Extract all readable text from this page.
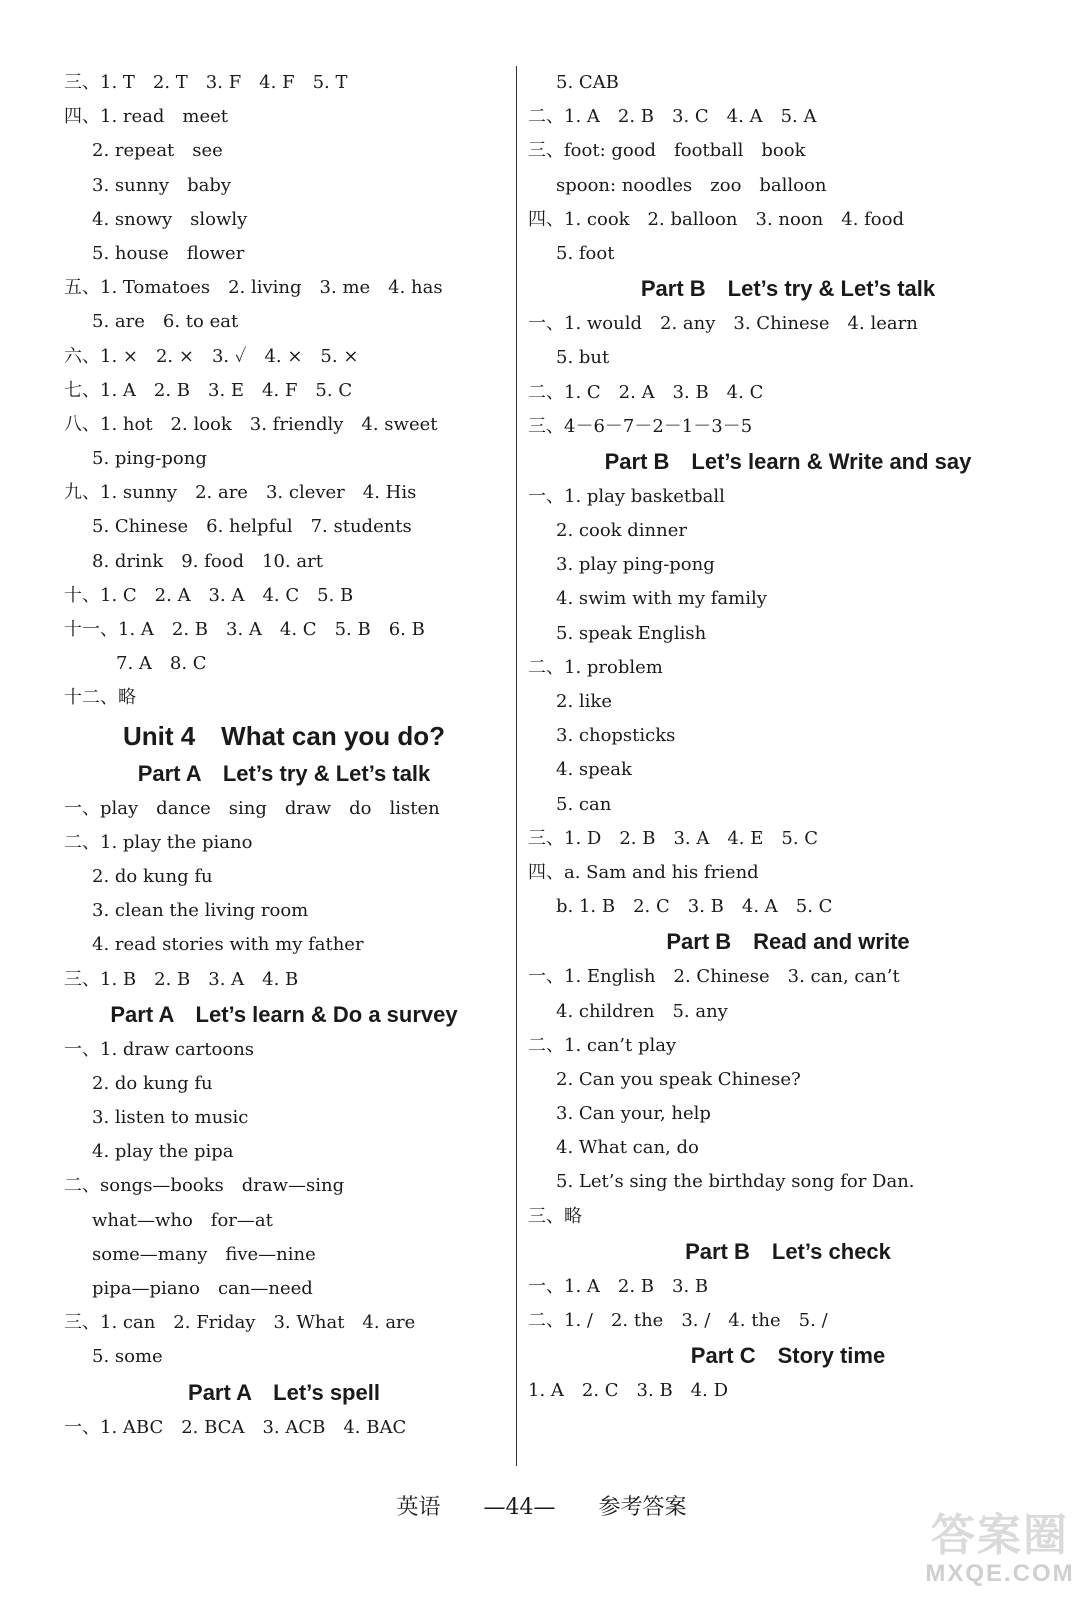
三、1. T　2. T　3. F　4. F　5. T
四、1. read　meet
2. repeat　see
3. sunny　baby
4. snowy　slowly
5. house　flower
五、1. Tomatoes　2. living　3. me　4. has
5. are　6. to eat
六、1. ×　2. ×　3. ✓　4. ×　5. ×
七、1. A　2. B　3. E　4. F　5. C
八、1. hot　2. look　3. friendly　4. sweet
5. ping-pong
九、1. sunny　2. are　3. clever　4. His
5. Chinese　6. helpful　7. students
8. drink　9. food　10. art
十、1. C　2. A　3. A　4. C　5. B
十一、1. A　2. B　3. A　4. C　5. B　6. B
7. A　8. C
十二、略
Unit 4　What can you do?
Part A　Let’s try & Let’s talk
一、play　dance　sing　draw　do　listen
二、1. play the piano
2. do kung fu
3. clean the living room
4. read stories with my father
三、1. B　2. B　3. A　4. B
Part A　Let’s learn & Do a survey
一、1. draw cartoons
2. do kung fu
3. listen to music
4. play the pipa
二、songs—books　draw—sing
what—who　for—at
some—many　five—nine
pipa—piano　can—need
三、1. can　2. Friday　3. What　4. are
5. some
Part A　Let’s spell
一、1. ABC　2. BCA　3. ACB　4. BAC
5. CAB
二、1. A　2. B　3. C　4. A　5. A
三、foot: good　football　book
spoon: noodles　zoo　balloon
四、1. cook　2. balloon　3. noon　4. food
5. foot
Part B　Let’s try & Let’s talk
一、1. would　2. any　3. Chinese　4. learn
5. but
二、1. C　2. A　3. B　4. C
三、4－6－7－2－1－3－5
Part B　Let’s learn & Write and say
一、1. play basketball
2. cook dinner
3. play ping-pong
4. swim with my family
5. speak English
二、1. problem
2. like
3. chopsticks
4. speak
5. can
三、1. D　2. B　3. A　4. E　5. C
四、a. Sam and his friend
b. 1. B　2. C　3. B　4. A　5. C
Part B　Read and write
一、1. English　2. Chinese　3. can, can’t
4. children　5. any
二、1. can’t play
2. Can you speak Chinese?
3. Can your, help
4. What can, do
5. Let’s sing the birthday song for Dan.
三、略
Part B　Let’s check
一、1. A　2. B　3. B
二、1. /　2. the　3. /　4. the　5. /
Part C　Story time
1. A　2. C　3. B　4. D
英语 —44— 参考答案
答案圈
MXQE.COM
